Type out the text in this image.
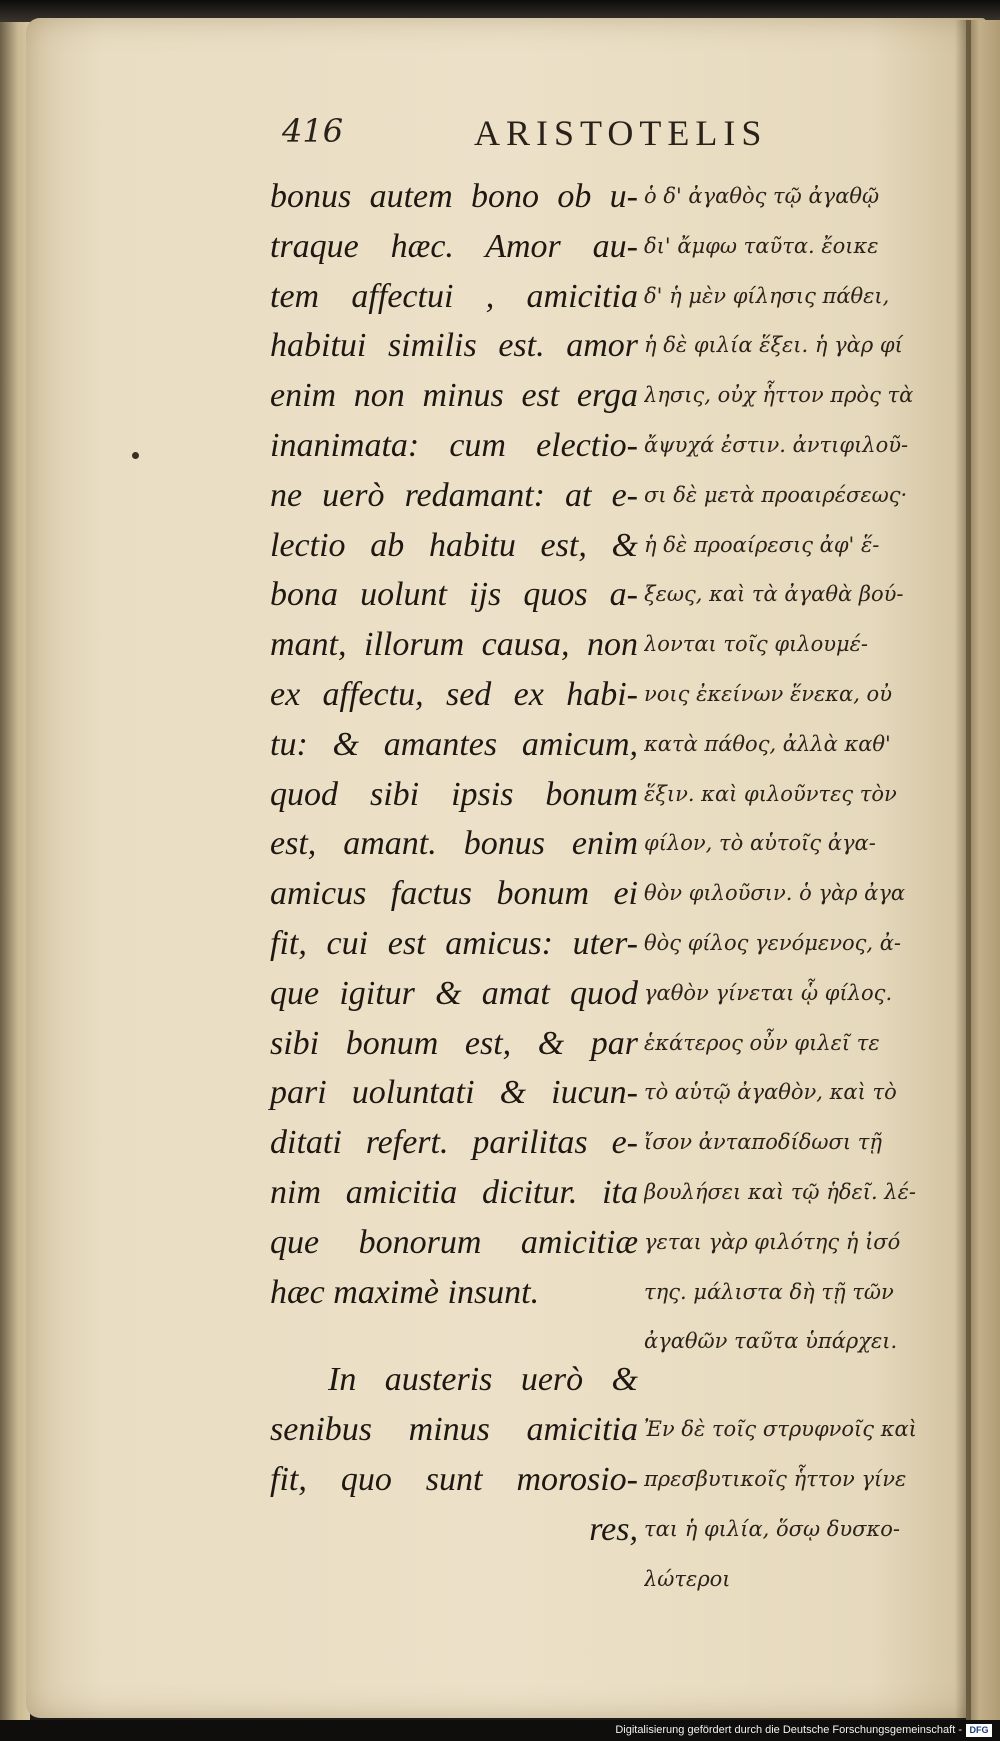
416	ARISTOTELIS
bonus autem bono ob u-
traque hæc. Amor au-
tem affectui , amicitia
habitui similis est. amor
enim non minus est erga
inanimata: cum electio-
ne uerò redamant: at e-
lectio ab habitu est, &
bona uolunt ijs quos a-
mant, illorum causa, non
ex affectu, sed ex habi-
tu: & amantes amicum,
quod sibi ipsis bonum
est, amant. bonus enim
amicus factus bonum ei
fit, cui est amicus: uter-
que igitur & amat quod
sibi bonum est, & par
pari uoluntati & iucun-
ditati refert. parilitas e-
nim amicitia dicitur. ita
que bonorum amicitiæ
hæc maximè insunt.
In austeris uerò &
senibus minus amicitia
fit, quo sunt morosio-
res,
ὁ δ' ἀγαθὸς τῷ ἀγαθῷ
δι' ἄμφω ταῦτα. ἔοικε
δ' ἡ μὲν φίλησις πάθει,
ἡ δὲ φιλία ἕξει. ἡ γὰρ φί
λησις, οὐχ ἧττον πρὸς τὰ
ἄψυχά ἐστιν. ἀντιφιλοῦ-
σι δὲ μετὰ προαιρέσεως·
ἡ δὲ προαίρεσις ἀφ' ἕ-
ξεως, καὶ τὰ ἀγαθὰ βού-
λονται τοῖς φιλουμέ-
νοις ἐκείνων ἕνεκα, οὐ
κατὰ πάθος, ἀλλὰ καθ'
ἕξιν. καὶ φιλοῦντες τὸν
φίλον, τὸ αὑτοῖς ἀγα-
θὸν φιλοῦσιν. ὁ γὰρ ἀγα
θὸς φίλος γενόμενος, ἀ-
γαθὸν γίνεται ᾧ φίλος.
ἑκάτερος οὖν φιλεῖ τε
τὸ αὑτῷ ἀγαθὸν, καὶ τὸ
ἴσον ἀνταποδίδωσι τῇ
βουλήσει καὶ τῷ ἡδεῖ. λέ-
γεται γὰρ φιλότης ἡ ἰσό
της. μάλιστα δὴ τῇ τῶν
ἀγαθῶν ταῦτα ὑπάρχει.
Ἐν δὲ τοῖς στρυφνοῖς καὶ
πρεσβυτικοῖς ἧττον γίνε
ται ἡ φιλία, ὅσῳ δυσκο-
λώτεροι
Digitalisierung gefördert durch die Deutsche Forschungsgemeinschaft - DFG
